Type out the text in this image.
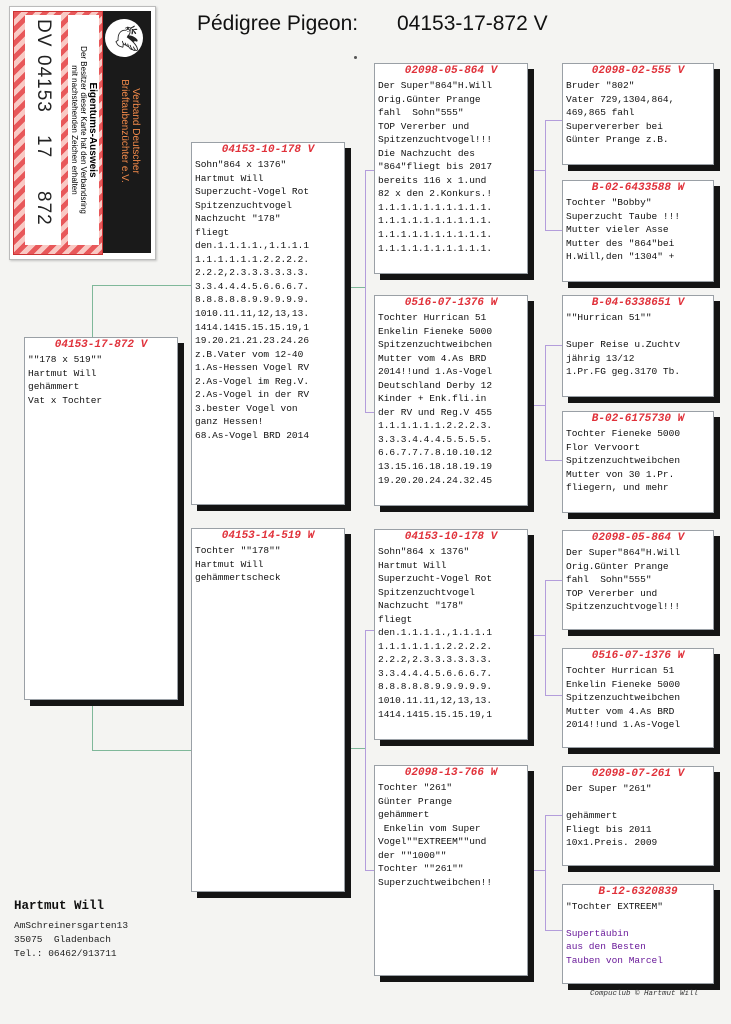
Pédigree Pigeon: 04153-17-872 V
🕊
Verband Deutscher
Brieftaubenzüchter e.V.
Eigentums-Ausweis
Der Besitzer dieser Karte hat den Verbandsring
mit nachstehenden Zeichen erhalten
DV
04153
17
872
04153-17-872 V
""178 x 519""
Hartmut Will
gehämmert
Vat x Tochter
04153-10-178 V
Sohn"864 x 1376"
Hartmut Will
Superzucht-Vogel Rot
Spitzenzuchtvogel
Nachzucht "178"
fliegt
den.1.1.1.1.,1.1.1.1
1.1.1.1.1.1.2.2.2.2.
2.2.2,2.3.3.3.3.3.3.
3.3.4.4.4.5.6.6.6.7.
8.8.8.8.8.9.9.9.9.9.
1010.11.11,12,13,13.
1414.1415.15.15.19,1
19.20.21.21.23.24.26
z.B.Vater vom 12-40
1.As-Hessen Vogel RV
2.As-Vogel im Reg.V.
2.As-Vogel in der RV
3.bester Vogel von
ganz Hessen!
68.As-Vogel BRD 2014
04153-14-519 W
Tochter ""178""
Hartmut Will
gehämmertscheck
02098-05-864 V
Der Super"864"H.Will
Orig.Günter Prange
fahl  Sohn"555"
TOP Vererber und
Spitzenzuchtvogel!!!
Die Nachzucht des
"864"fliegt bis 2017
bereits 116 x 1.und
82 x den 2.Konkurs.!
1.1.1.1.1.1.1.1.1.1.
1.1.1.1.1.1.1.1.1.1.
1.1.1.1.1.1.1.1.1.1.
1.1.1.1.1.1.1.1.1.1.
0516-07-1376 W
Tochter Hurrican 51
Enkelin Fieneke 5000
Spitzenzuchtweibchen
Mutter vom 4.As BRD
2014!!und 1.As-Vogel
Deutschland Derby 12
Kinder + Enk.fli.in
der RV und Reg.V 455
1.1.1.1.1.1.2.2.2.3.
3.3.3.4.4.4.5.5.5.5.
6.6.7.7.7.8.10.10.12
13.15.16.18.18.19.19
19.20.20.24.24.32.45
04153-10-178 V
Sohn"864 x 1376"
Hartmut Will
Superzucht-Vogel Rot
Spitzenzuchtvogel
Nachzucht "178"
fliegt
den.1.1.1.1.,1.1.1.1
1.1.1.1.1.1.2.2.2.2.
2.2.2,2.3.3.3.3.3.3.
3.3.4.4.4.5.6.6.6.7.
8.8.8.8.8.9.9.9.9.9.
1010.11.11,12,13,13.
1414.1415.15.15.19,1
02098-13-766 W
Tochter "261"
Günter Prange
gehämmert
Enkelin vom Super
Vogel""EXTREEM""und
der ""1000""
Tochter ""261""
Superzuchtweibchen!!
02098-02-555 V
Bruder "802"
Vater 729,1304,864,
469,865 fahl
Supervererber bei
Günter Prange z.B.
B-02-6433588 W
Tochter "Bobby"
Superzucht Taube !!!
Mutter vieler Asse
Mutter des "864"bei
H.Will,den "1304" +
B-04-6338651 V
""Hurrican 51""

Super Reise u.Zuchtv
jährig 13/12
1.Pr.FG geg.3170 Tb.
B-02-6175730 W
Tochter Fieneke 5000
Flor Vervoort
Spitzenzuchtweibchen
Mutter von 30 1.Pr.
fliegern, und mehr
02098-05-864 V
Der Super"864"H.Will
Orig.Günter Prange
fahl  Sohn"555"
TOP Vererber und
Spitzenzuchtvogel!!!
0516-07-1376 W
Tochter Hurrican 51
Enkelin Fieneke 5000
Spitzenzuchtweibchen
Mutter vom 4.As BRD
2014!!und 1.As-Vogel
02098-07-261 V
Der Super "261"

gehämmert
Fliegt bis 2011
10x1.Preis. 2009
B-12-6320839
"Tochter EXTREEM"

Supertäubin
aus den Besten
Tauben von Marcel
Hartmut Will
AmSchreinersgarten13
35075  Gladenbach
Tel.: 06462/913711
Compuclub © Hartmut Will
